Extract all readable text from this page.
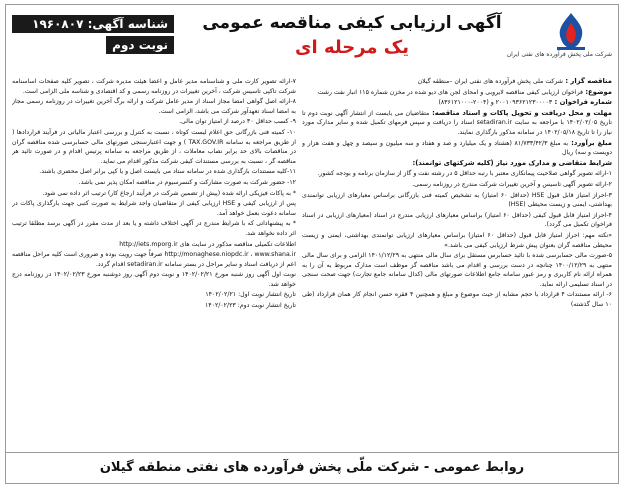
شرکت ملی پخش فرآورده های نفتی ایران
آگهی ارزیابی کیفی مناقصه عمومی
یک مرحله ای
شناسه آگهی: ۱۹۶۰۸۰۷
نوبت دوم
مناقصه گزار : شرکت ملی پخش فرآورده های نفتی ایران –منطقه گیلان
موضوع: فراخوان ارزیابی کیفی مناقصه لایروبی و امحای لجن های دیو شده در مخزن شماره ۱۱۵ انبار نفت رشت
شماره فراخوان : ۲۰۰۱۰۹۳۶۲۱۲۳۰۰۰۰۳ و (۲۰۰۴-۸۳۶۱۲۱۰۰۰)
مهلت و محل دریافت و تحویل پاکات و اسناد مناقصه: متقاضیان می بایست از انتشار آگهی نوبت دوم تا تاریخ ۱۴۰۲/۰۲/۰۵ با مراجعه به سایت setadiran.ir اسناد را دریافت و سپس فرمهای تکمیل شده و سایر مدارک مورد نیاز را تا تاریخ ۱۴۰۲/۰۵/۱۸ در سامانه مذکور بارگذاری نمایند.
مبلغ برآورد: به مبلغ ۸۱/۷۳۳/۴۲/۳ (هشتاد و یک میلیارد و صد و هفتاد و سه میلیون و سیصد و چهل و هفت هزار و دویست و سه) ریال
شرایط متقاضی و مدارک مورد نیاز (کلیه شرکتهای توانمند):
۱-ارائه تصویر گواهی صلاحیت پیمانکاری معتبر با رتبه حداقل ۵ در رشته نفت و گاز از سازمان برنامه و بودجه کشور.
۲-ارائه تصویر آگهی تاسیس و آخرین تغییرات شرکت مندرج در روزنامه رسمی.
۳-احراز امتیاز قابل قبول HSE (حداقل ۶۰ امتیاز) به تشخیص کمیته فنی بازرگانی براساس معیارهای ارزیابی توانمندی بهداشتی، ایمنی و زیست محیطی (HSE)
۴-احراز امتیاز قابل قبول کیفی (حداقل ۶۰ امتیاز) براساس معیارهای ارزیابی مندرج در اسناد (معیارهای ارزیابی در اسناد فراخوان تکمیل می گردد).
«نکته مهم: احراز امتیاز قابل قبول (حداقل ۶۰ امتیاز) براساس معیارهای ارزیابی توانمندی بهداشتی، ایمنی و زیست محیطی مناقصه گران بعنوان پیش شرط ارزیابی کیفی می باشد.»
۵-صورت مالی حسابرسی شده با تائید حسابرس مستقل برای سال مالی منتهی به ۱۴۰۱/۱۲/۲۹ الزامی و برای سال مالی منتهی به ۱۴۰۰/۱۲/۲۹ چنانچه در دست بررسی و اقدام می باشد مناقصه گر موظف است مدارک مربوط به آن را به همراه ارائه نام کاربری و رمز عبور سامانه جامع اطلاعات صورتهای مالی (کدال سامانه جامع تجارت) جهت صحت سنجی در اسناد تسلیمی ارائه نماید.
۶- ارائه مستندات ۴ قرارداد با حجم مشابه از حیث موضوع و مبلغ و همچنین ۴ فقره حسن انجام کار همان قرارداد (طی ۱۰ سال گذشته)
۷-ارائه تصویر کارت ملی و شناسنامه مدیر عامل و اعضا هیئت مدیره شرکت ، تصویر کلیه صفحات اساسنامه شرکت تاکپی تاسیس شرکت ، آخرین تغییرات در روزنامه رسمی و کد اقتصادی و شناسه ملی الزامی است.
۸-ارائه اصل گواهی امضا مجاز اسناد از مدیر عامل شرکت و ارائه برگ آخرین تغییرات در روزنامه رسمی مجاز به امضا اسناد تعهدآور شرکت می باشد، الزامی است.
۹- کسب حداقل ۳۰ درصد از امتیاز توان مالی.
۱۰- کمیته فنی بازرگانی حق اعلام لیست کوتاه ، نسبت به کنترل و بررسی اعتبار مالیاتی در فرآیند قراردادها ( از طریق مراجعه به سامانه TAX.GOV.IR ) و جهت اعتبارسنجی صورتهای مالی حسابرسی شده مناقصه گران در مناقصات بالای حد برابر نصاب معاملات ، از طریق مراجعه به سامانه پرتیس اقدام و در صورت تائید هر مناقصه گر ، نسبت به بررسی مستندات کیفی شرکت مذکور اقدام می نماید.
۱۱-کلیه مستندات بارگذاری شده در سامانه ستاد می بایست اصل و یا کپی برابر اصل محضری باشند.
۱۲- حضور شرکت به صورت مشارکت و کنسرسیوم در مناقصه امکان پذیر نمی باشد.
* به پاکات فیزیکی ارائه شده (پیش از تضمین شرکت در فرآیند ارجاع کار) ترتیب اثر داده نمی شود.
پس از ارزیابی کیفی و HSE ارزیابی کیفی از متقاضیان واجد شرایط به صورت کتبی جهت بارگذاری پاکات در سامانه دعوت بعمل خواهد آمد.
* به پیشنهاداتی که با شرایط مندرج در آگهی اختلاف داشته و یا بعد از مدت مقرر در آگهی برسد مطلقا ترتیب اثر داده نخواهد شد.
اطلاعات تکمیلی مناقصه مذکور در سایت های http://iets.mporg.ir
http://monaghese.niopdc.ir ، www.shana.ir صرفاً جهت رویت بوده و ضروری است کلیه مراحل مناقصه اعم از دریافت اسناد و سایر مراحل در بستر سامانه setadiran.ir اقدام گردد.
نوبت اول آگهی روز شنبه مورخ ۱۴۰۲/۰۲/۲۱ و نوبت دوم آگهی روز دوشنبه مورخ ۱۴۰۲/۰۲/۲۳ در روزنامه درج خواهد شد.
تاریخ انتشار نوبت اول: ۱۴۰۲/۰۲/۲۱
تاریخ انتشار نوبت دوم: ۱۴۰۲/۰۲/۲۳
روابط عمومی - شرکت ملّی پخش فرآورده های نفتی منطقه گیلان
